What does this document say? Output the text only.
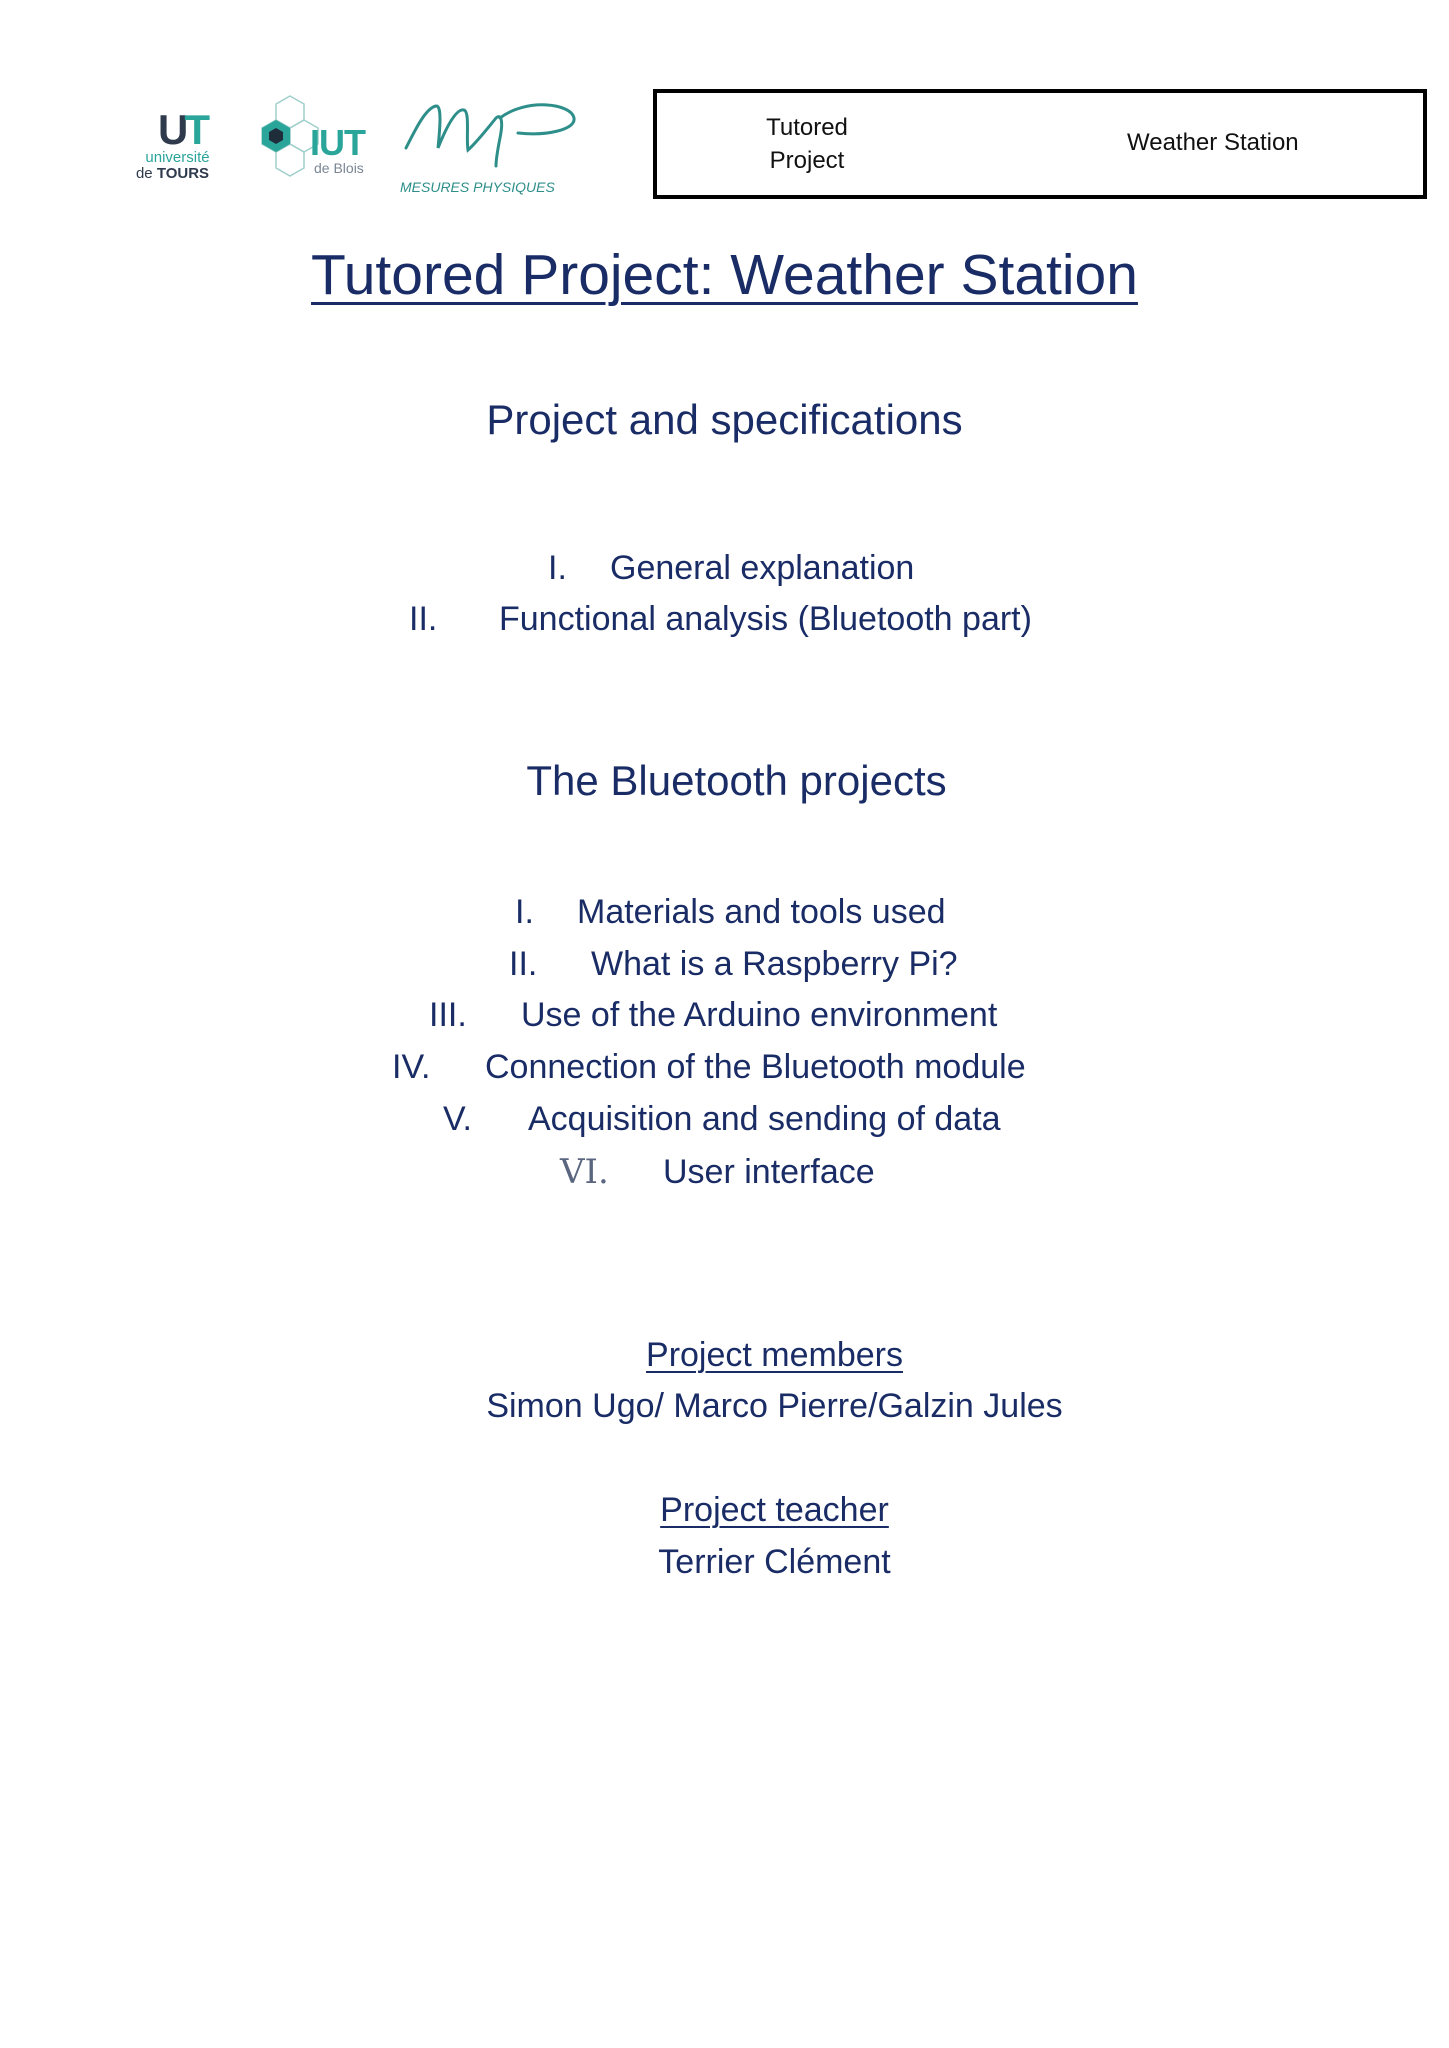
UT
université
de TOURS
IUT
de Blois
MESURES PHYSIQUES
Tutored Project
Weather Station
Tutored Project: Weather Station
Project and specifications
I. General explanation
II. Functional analysis (Bluetooth part)
The Bluetooth projects
I. Materials and tools used
II. What is a Raspberry Pi?
III. Use of the Arduino environment
IV. Connection of the Bluetooth module
V. Acquisition and sending of data
VI. User interface
Project members
Simon Ugo/ Marco Pierre/Galzin Jules
Project teacher
Terrier Clément
